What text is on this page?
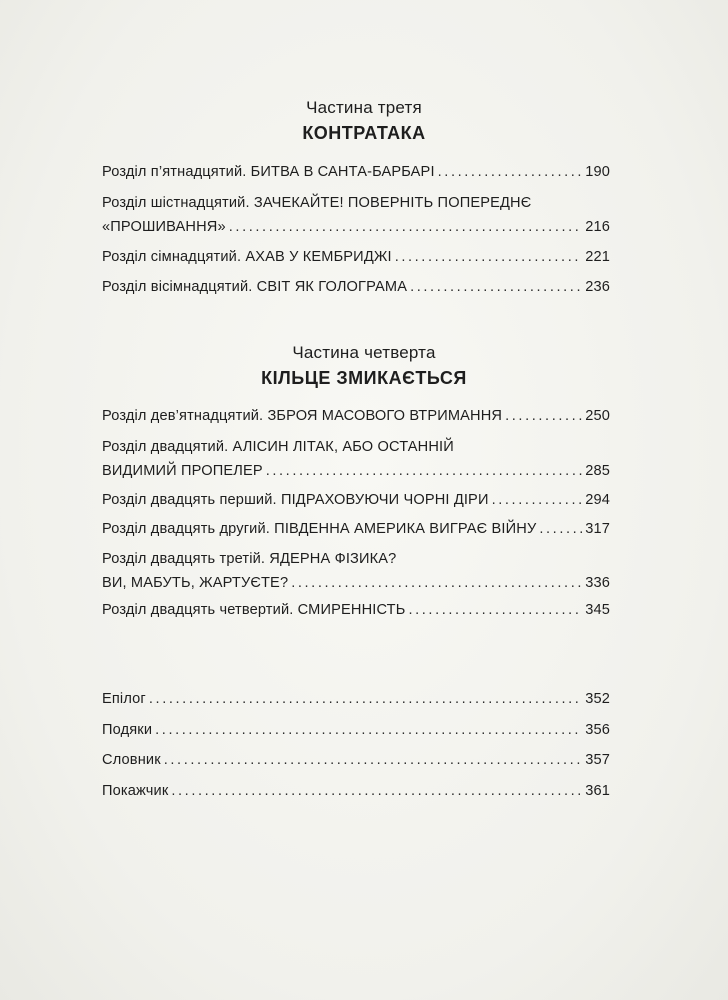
Частина третя
КОНТРАТАКА
Розділ п’ятнадцятий. БИТВА В САНТА-БАРБАРІ .....	190
Розділ шістнадцятий. ЗАЧЕКАЙТЕ! ПОВЕРНІТЬ ПОПЕРЕДНЄ
«ПРОШИВАННЯ» .....	216
Розділ сімнадцятий. АХАВ У КЕМБРИДЖІ .....	221
Розділ вісімнадцятий. СВІТ ЯК ГОЛОГРАМА .....	236
Частина четверта
КІЛЬЦЕ ЗМИКАЄТЬСЯ
Розділ дев’ятнадцятий. ЗБРОЯ МАСОВОГО ВТРИМАННЯ .....	250
Розділ двадцятий. АЛІСИН ЛІТАК, АБО ОСТАННІЙ
ВИДИМИЙ ПРОПЕЛЕР .....	285
Розділ двадцять перший. ПІДРАХОВУЮЧИ ЧОРНІ ДІРИ .....	294
Розділ двадцять другий. ПІВДЕННА АМЕРИКА ВИГРАЄ ВІЙНУ .....	317
Розділ двадцять третій. ЯДЕРНА ФІЗИКА?
ВИ, МАБУТЬ, ЖАРТУЄТЕ? .....	336
Розділ двадцять четвертий. СМИРЕННІСТЬ .....	345
Епілог .....	352
Подяки .....	356
Словник .....	357
Покажчик .....	361
